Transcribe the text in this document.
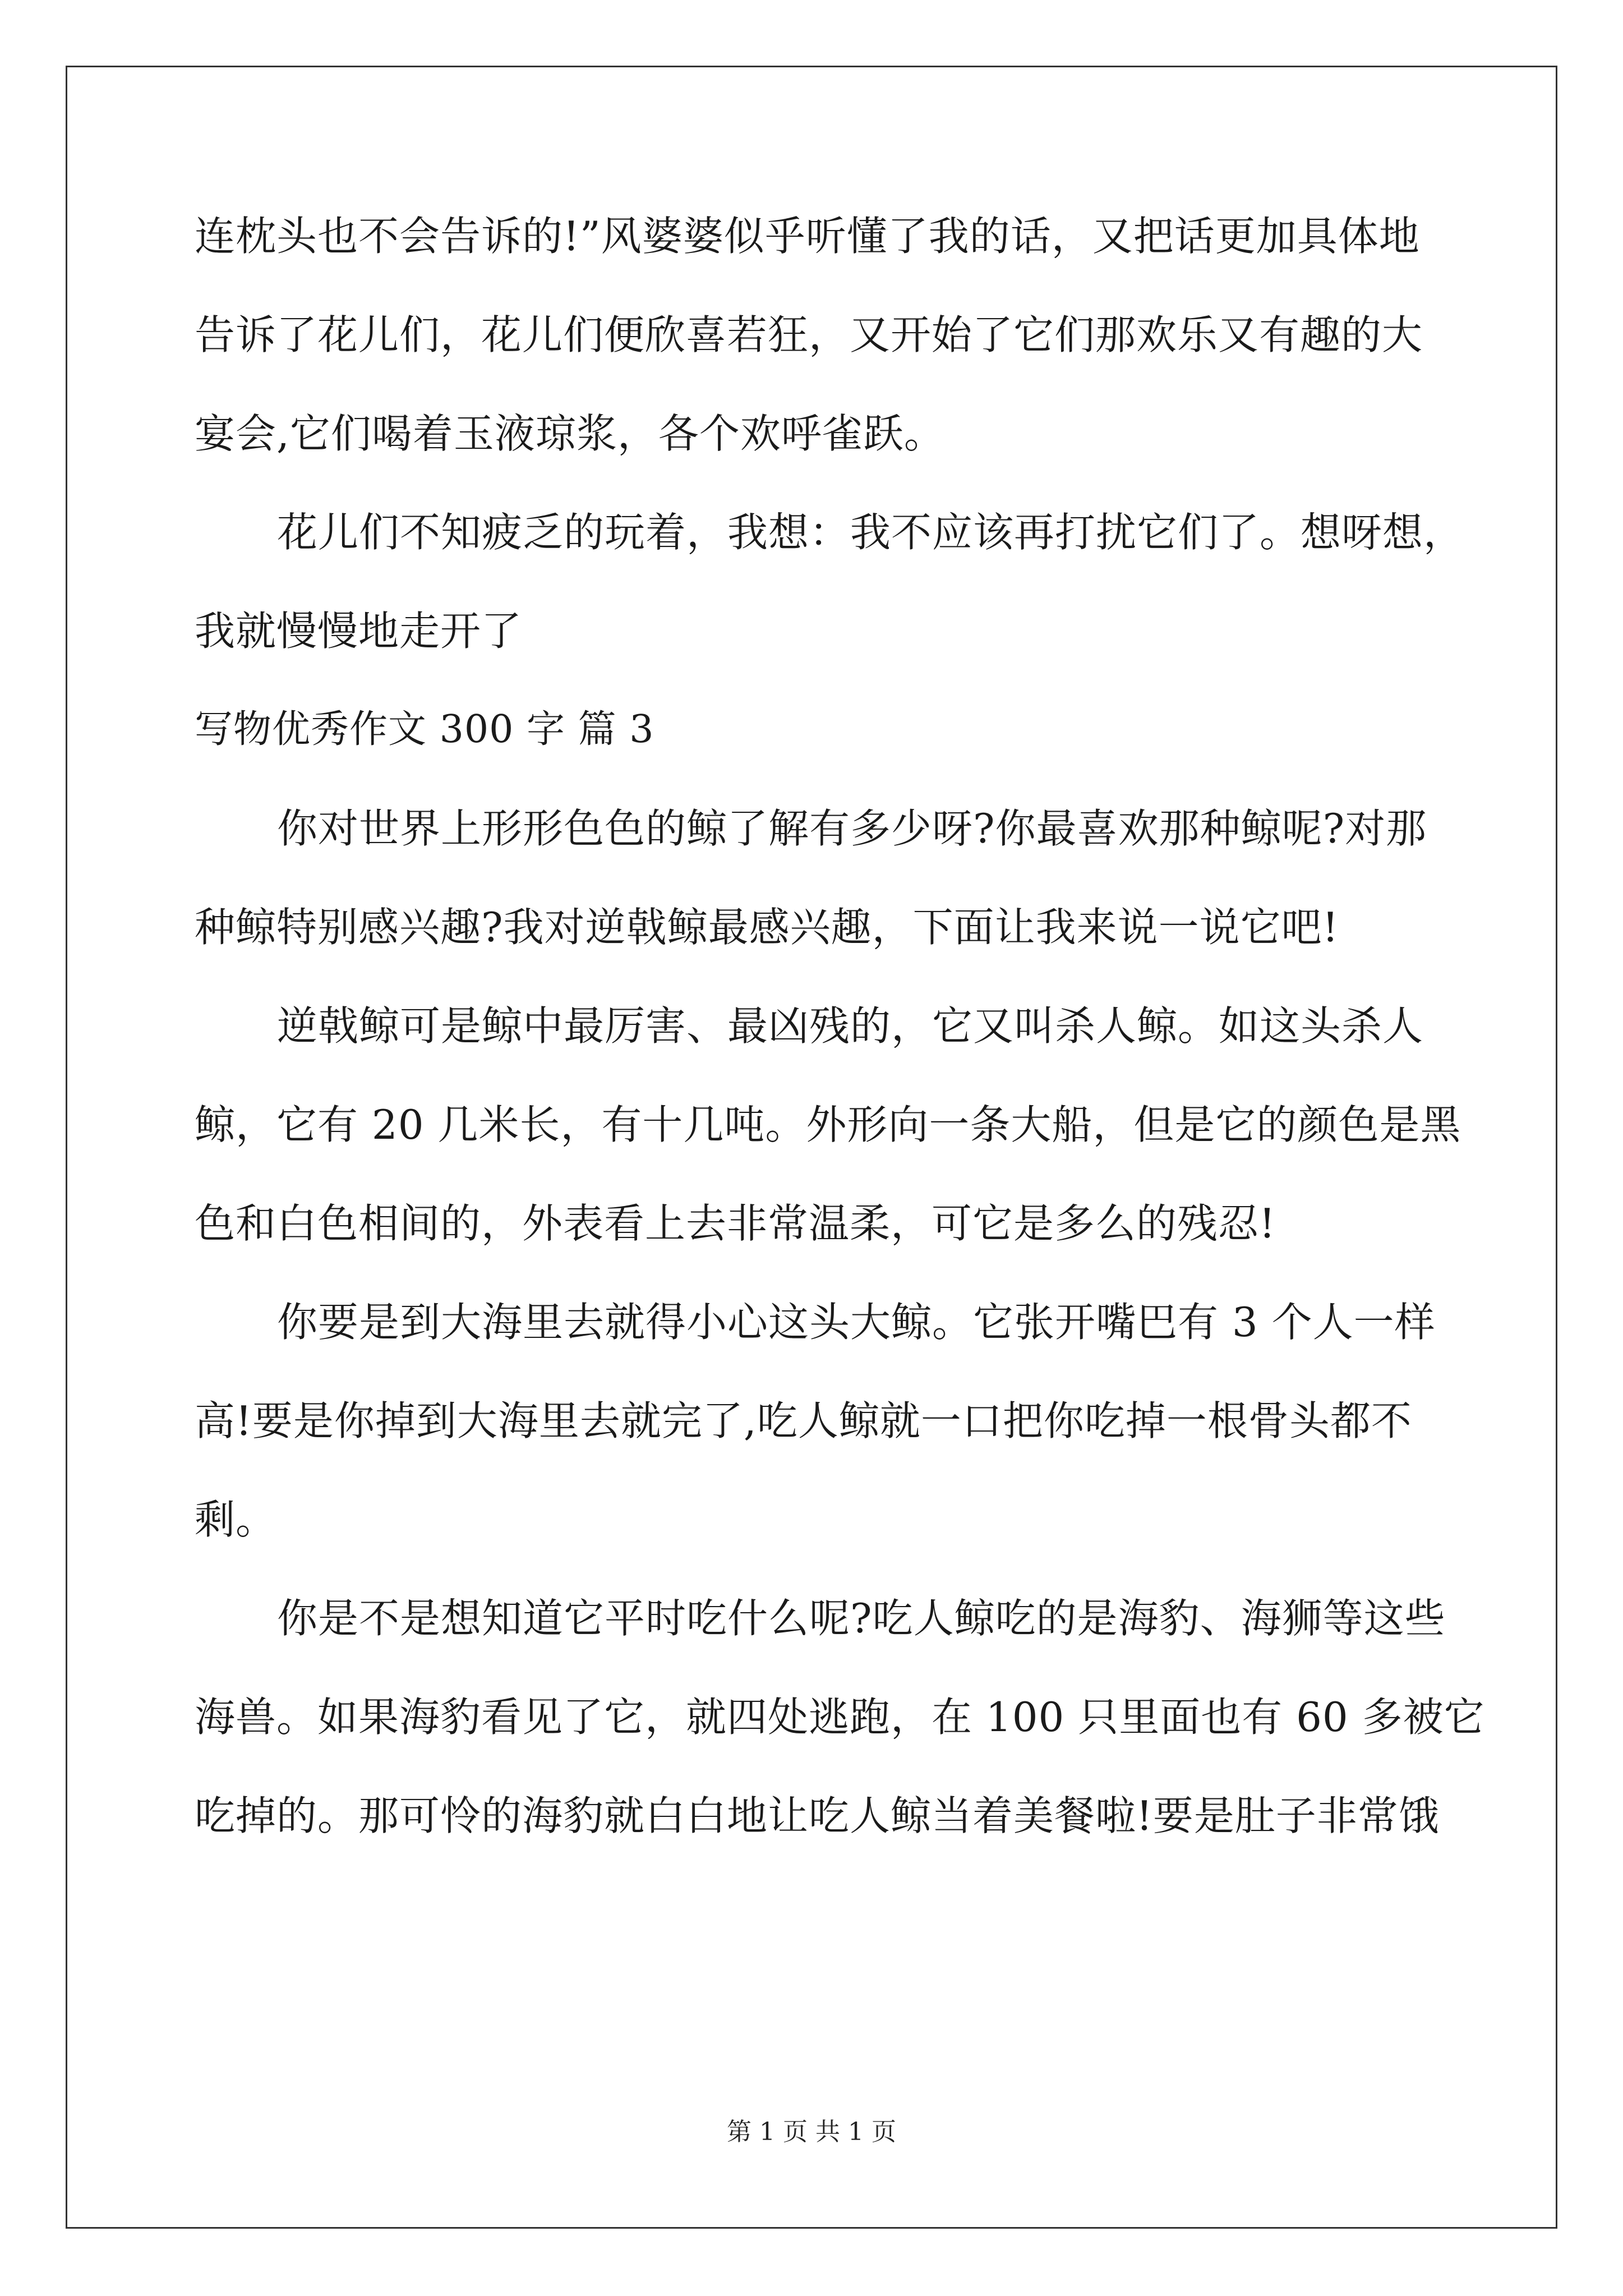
连枕头也不会告诉的!”风婆婆似乎听懂了我的话，又把话更加具体地
告诉了花儿们，花儿们便欣喜若狂，又开始了它们那欢乐又有趣的大
宴会,它们喝着玉液琼浆，各个欢呼雀跃。
花儿们不知疲乏的玩着，我想：我不应该再打扰它们了。想呀想，
我就慢慢地走开了
写物优秀作文 300 字 篇 3
你对世界上形形色色的鲸了解有多少呀?你最喜欢那种鲸呢?对那
种鲸特别感兴趣?我对逆戟鲸最感兴趣，下面让我来说一说它吧!
逆戟鲸可是鲸中最厉害、最凶残的，它又叫杀人鲸。如这头杀人
鲸，它有 20 几米长，有十几吨。外形向一条大船，但是它的颜色是黑
色和白色相间的，外表看上去非常温柔，可它是多么的残忍!
你要是到大海里去就得小心这头大鲸。它张开嘴巴有 3 个人一样
高!要是你掉到大海里去就完了,吃人鲸就一口把你吃掉一根骨头都不
剩。
你是不是想知道它平时吃什么呢?吃人鲸吃的是海豹、海狮等这些
海兽。如果海豹看见了它，就四处逃跑，在 100 只里面也有 60 多被它
吃掉的。那可怜的海豹就白白地让吃人鲸当着美餐啦!要是肚子非常饿
第 1 页 共 1 页
